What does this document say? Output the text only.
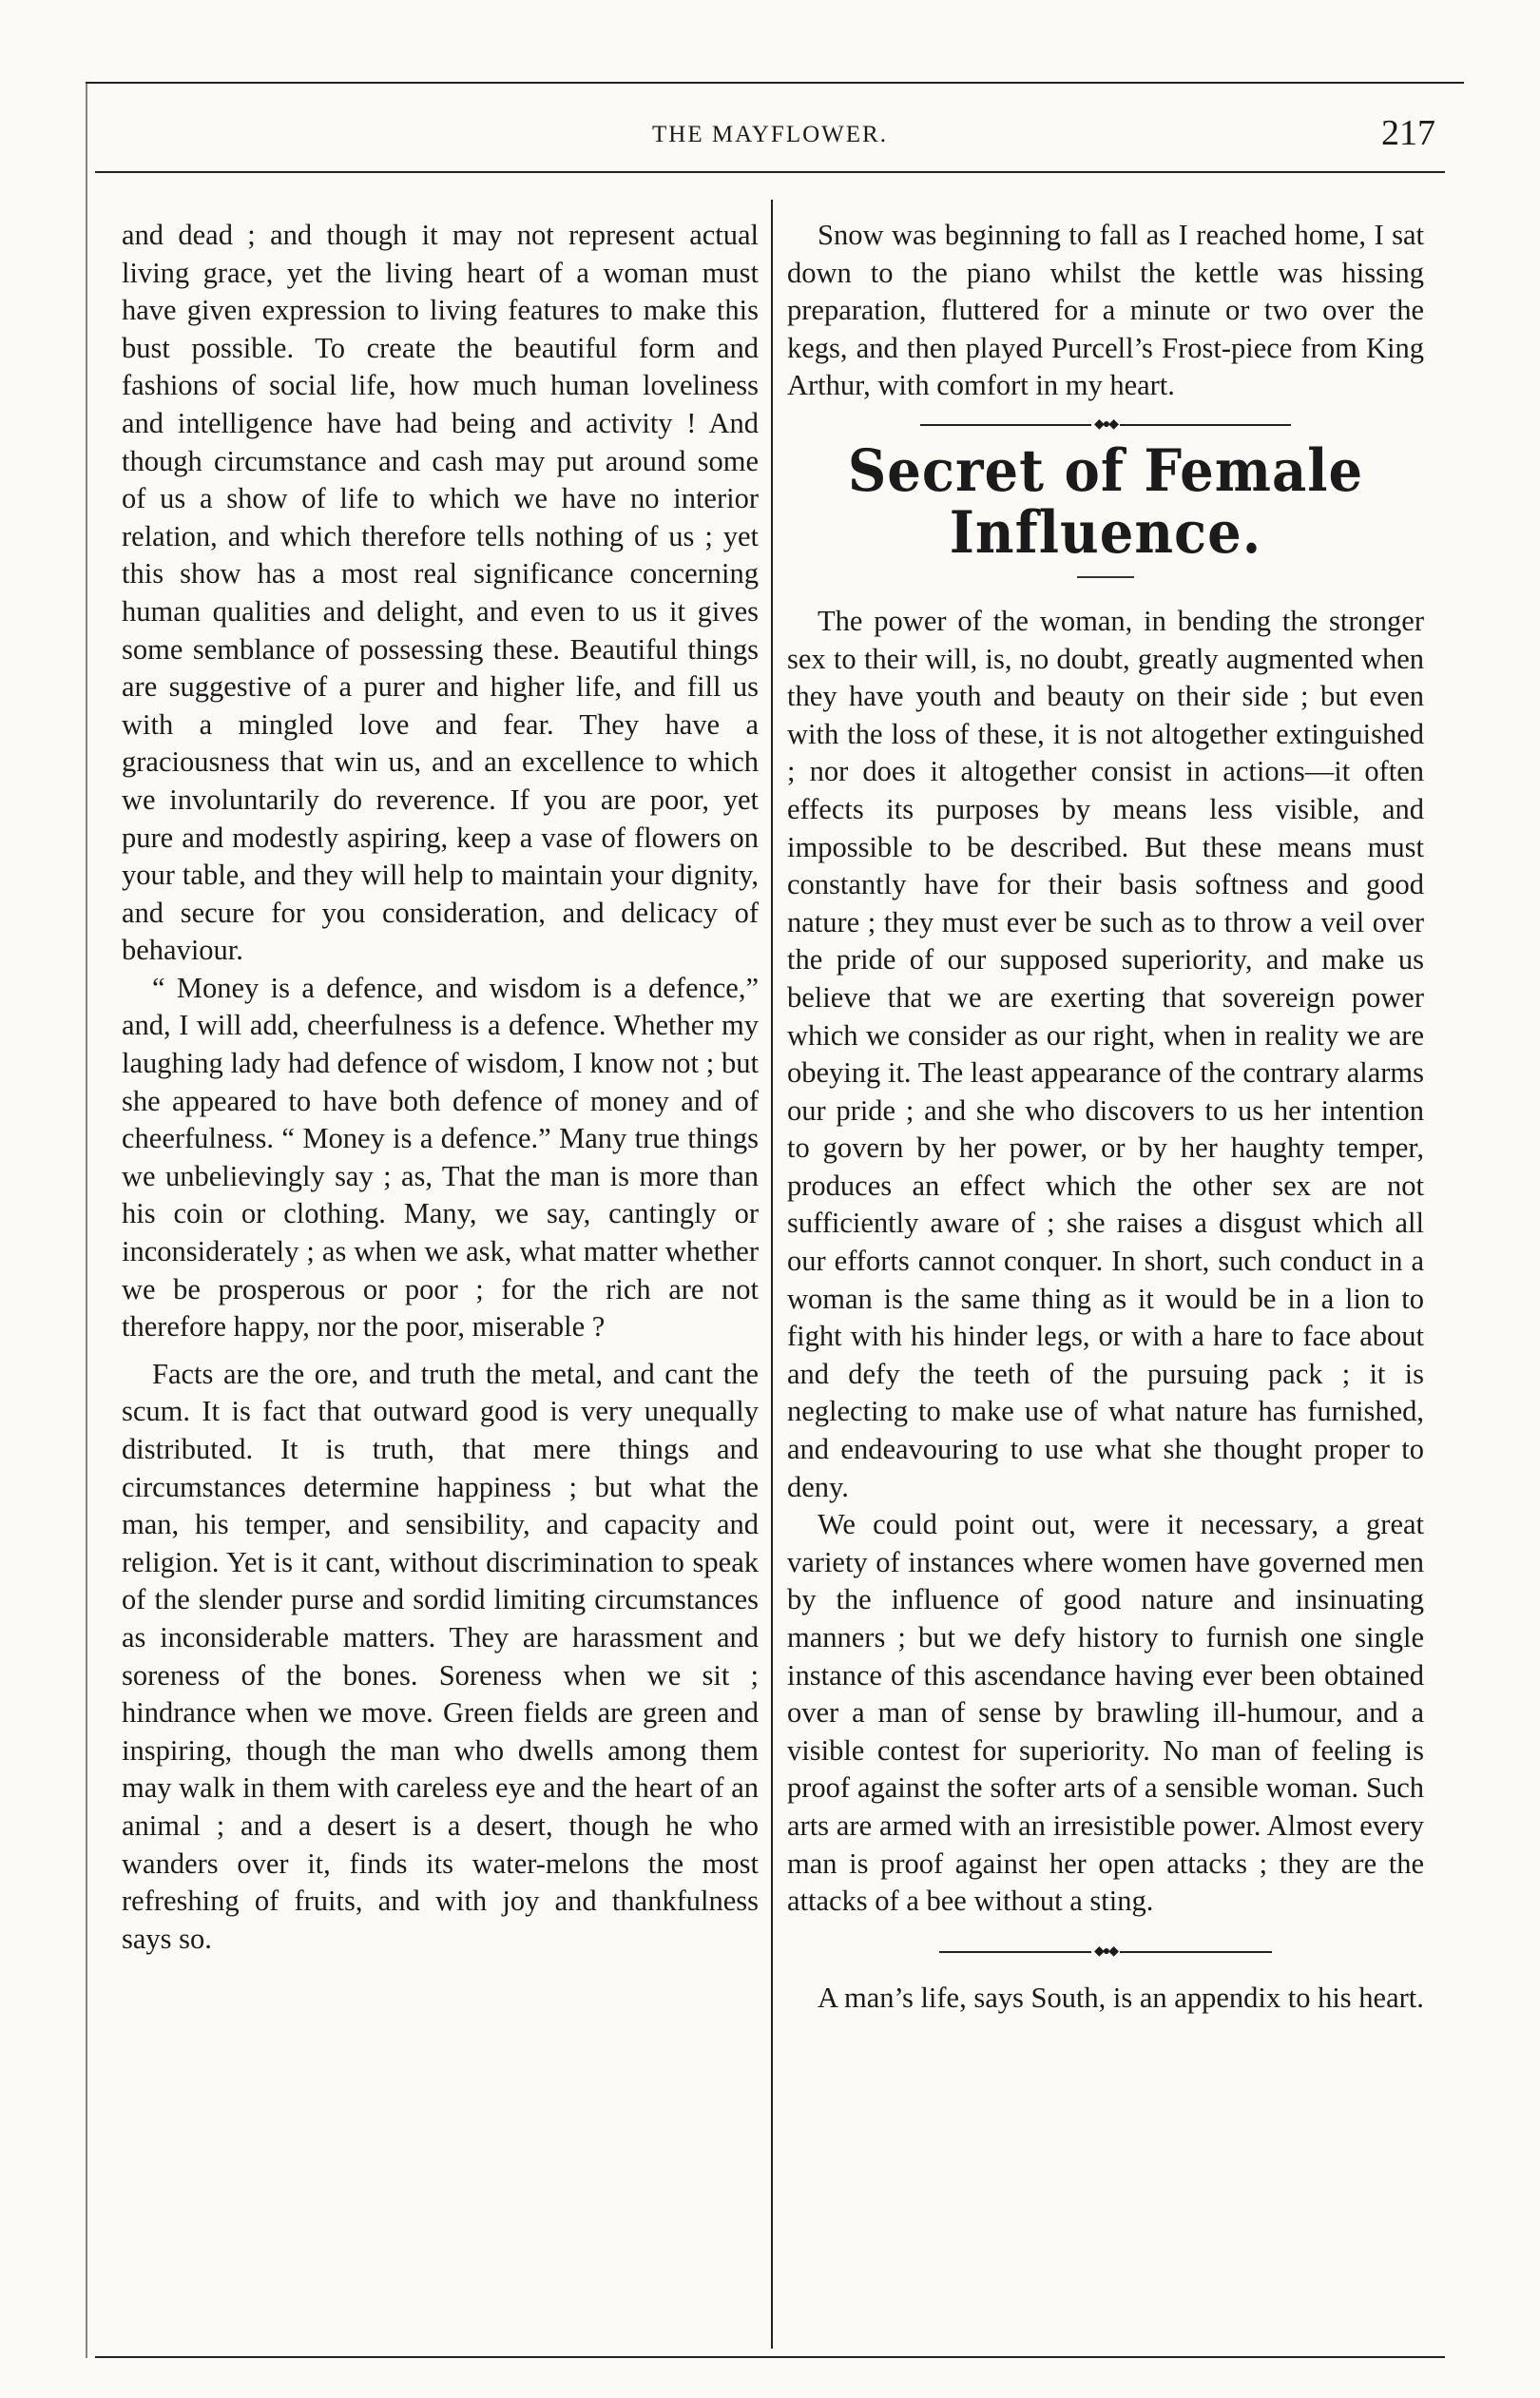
THE MAYFLOWER.	217

and dead ; and though it may not represent actual living grace, yet the living heart of a woman must have given expression to living features to make this bust possible. To create the beautiful form and fashions of social life, how much human loveliness and intelligence have had being and activity ! And though circumstance and cash may put around some of us a show of life to which we have no interior relation, and which therefore tells nothing of us ; yet this show has a most real significance concerning human qualities and delight, and even to us it gives some semblance of possessing these. Beautiful things are suggestive of a purer and higher life, and fill us with a mingled love and fear. They have a graciousness that win us, and an excellence to which we involuntarily do reverence. If you are poor, yet pure and modestly aspiring, keep a vase of flowers on your table, and they will help to maintain your dignity, and secure for you consideration, and delicacy of behaviour.

“ Money is a defence, and wisdom is a defence,” and, I will add, cheerfulness is a defence. Whether my laughing lady had defence of wisdom, I know not ; but she appeared to have both defence of money and of cheerfulness. “ Money is a defence.” Many true things we unbelievingly say ; as, That the man is more than his coin or clothing. Many, we say, cantingly or inconsiderately ; as when we ask, what matter whether we be prosperous or poor ; for the rich are not therefore happy, nor the poor, miserable ?

Facts are the ore, and truth the metal, and cant the scum. It is fact that outward good is very unequally distributed. It is truth, that mere things and circumstances determine happiness ; but what the man, his temper, and sensibility, and capacity and religion. Yet is it cant, without discrimination to speak of the slender purse and sordid limiting circumstances as inconsiderable matters. They are harassment and soreness of the bones. Soreness when we sit ; hindrance when we move. Green fields are green and inspiring, though the man who dwells among them may walk in them with careless eye and the heart of an animal ; and a desert is a desert, though he who wanders over it, finds its water-melons the most refreshing of fruits, and with joy and thankfulness says so.

Snow was beginning to fall as I reached home, I sat down to the piano whilst the kettle was hissing preparation, fluttered for a minute or two over the kegs, and then played Purcell’s Frost-piece from King Arthur, with comfort in my heart.

◆●◆
Secret of Female Influence.

The power of the woman, in bending the stronger sex to their will, is, no doubt, greatly augmented when they have youth and beauty on their side ; but even with the loss of these, it is not altogether extinguished ; nor does it altogether consist in actions—it often effects its purposes by means less visible, and impossible to be described. But these means must constantly have for their basis softness and good nature ; they must ever be such as to throw a veil over the pride of our supposed superiority, and make us believe that we are exerting that sovereign power which we consider as our right, when in reality we are obeying it. The least appearance of the contrary alarms our pride ; and she who discovers to us her intention to govern by her power, or by her haughty temper, produces an effect which the other sex are not sufficiently aware of ; she raises a disgust which all our efforts cannot conquer. In short, such conduct in a woman is the same thing as it would be in a lion to fight with his hinder legs, or with a hare to face about and defy the teeth of the pursuing pack ; it is neglecting to make use of what nature has furnished, and endeavouring to use what she thought proper to deny.

We could point out, were it necessary, a great variety of instances where women have governed men by the influence of good nature and insinuating manners ; but we defy history to furnish one single instance of this ascendance having ever been obtained over a man of sense by brawling ill-humour, and a visible contest for superiority. No man of feeling is proof against the softer arts of a sensible woman. Such arts are armed with an irresistible power. Almost every man is proof against her open attacks ; they are the attacks of a bee without a sting.

◆●◆

A man’s life, says South, is an appendix to his heart.
